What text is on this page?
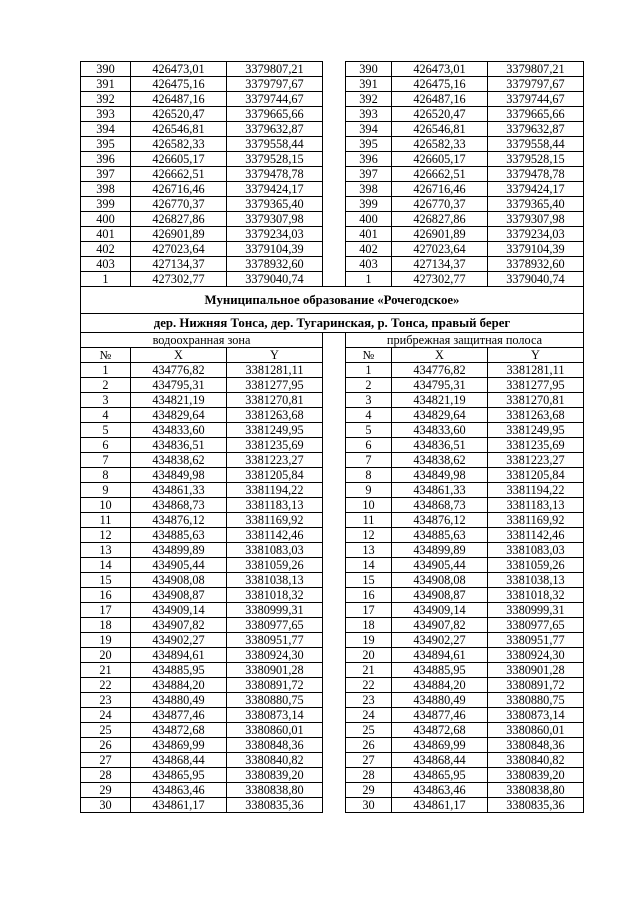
390	426473,01	3379807,21		390	426473,01	3379807,21
391	426475,16	3379797,67		391	426475,16	3379797,67
392	426487,16	3379744,67		392	426487,16	3379744,67
393	426520,47	3379665,66		393	426520,47	3379665,66
394	426546,81	3379632,87		394	426546,81	3379632,87
395	426582,33	3379558,44		395	426582,33	3379558,44
396	426605,17	3379528,15		396	426605,17	3379528,15
397	426662,51	3379478,78		397	426662,51	3379478,78
398	426716,46	3379424,17		398	426716,46	3379424,17
399	426770,37	3379365,40		399	426770,37	3379365,40
400	426827,86	3379307,98		400	426827,86	3379307,98
401	426901,89	3379234,03		401	426901,89	3379234,03
402	427023,64	3379104,39		402	427023,64	3379104,39
403	427134,37	3378932,60		403	427134,37	3378932,60
1	427302,77	3379040,74		1	427302,77	3379040,74
Муниципальное образование «Рочегодское»						
дер. Нижняя Тонса, дер. Тугаринская, р. Тонса, правый берег						
водоохранная зона				прибрежная защитная полоса		
№	X	Y		№	X	Y
1	434776,82	3381281,11		1	434776,82	3381281,11
2	434795,31	3381277,95		2	434795,31	3381277,95
3	434821,19	3381270,81		3	434821,19	3381270,81
4	434829,64	3381263,68		4	434829,64	3381263,68
5	434833,60	3381249,95		5	434833,60	3381249,95
6	434836,51	3381235,69		6	434836,51	3381235,69
7	434838,62	3381223,27		7	434838,62	3381223,27
8	434849,98	3381205,84		8	434849,98	3381205,84
9	434861,33	3381194,22		9	434861,33	3381194,22
10	434868,73	3381183,13		10	434868,73	3381183,13
11	434876,12	3381169,92		11	434876,12	3381169,92
12	434885,63	3381142,46		12	434885,63	3381142,46
13	434899,89	3381083,03		13	434899,89	3381083,03
14	434905,44	3381059,26		14	434905,44	3381059,26
15	434908,08	3381038,13		15	434908,08	3381038,13
16	434908,87	3381018,32		16	434908,87	3381018,32
17	434909,14	3380999,31		17	434909,14	3380999,31
18	434907,82	3380977,65		18	434907,82	3380977,65
19	434902,27	3380951,77		19	434902,27	3380951,77
20	434894,61	3380924,30		20	434894,61	3380924,30
21	434885,95	3380901,28		21	434885,95	3380901,28
22	434884,20	3380891,72		22	434884,20	3380891,72
23	434880,49	3380880,75		23	434880,49	3380880,75
24	434877,46	3380873,14		24	434877,46	3380873,14
25	434872,68	3380860,01		25	434872,68	3380860,01
26	434869,99	3380848,36		26	434869,99	3380848,36
27	434868,44	3380840,82		27	434868,44	3380840,82
28	434865,95	3380839,20		28	434865,95	3380839,20
29	434863,46	3380838,80		29	434863,46	3380838,80
30	434861,17	3380835,36		30	434861,17	3380835,36
